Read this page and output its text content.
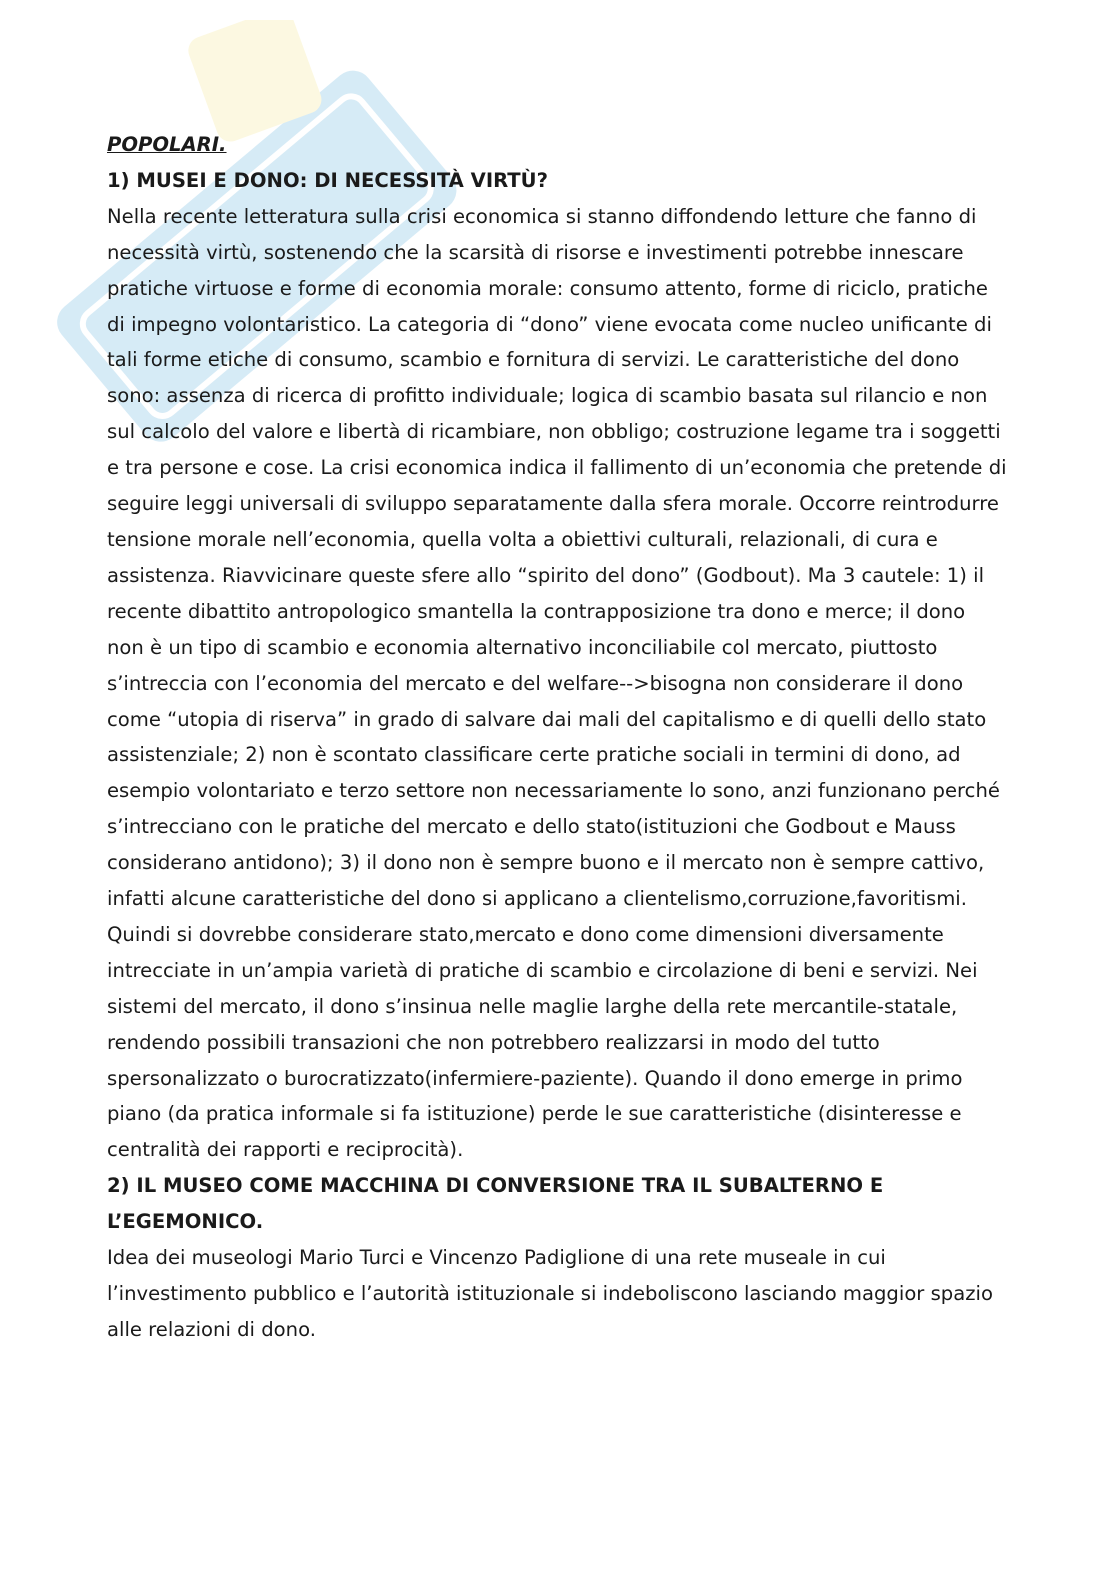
POPOLARI.

1) MUSEI E DONO: DI NECESSITÀ VIRTÙ?

Nella recente letteratura sulla crisi economica si stanno diffondendo letture che fanno di necessità virtù, sostenendo che la scarsità di risorse e investimenti potrebbe innescare pratiche virtuose e forme di economia morale: consumo attento, forme di riciclo, pratiche di impegno volontaristico. La categoria di “dono” viene evocata come nucleo unificante di tali forme etiche di consumo, scambio e fornitura di servizi. Le caratteristiche del dono sono: assenza di ricerca di profitto individuale; logica di scambio basata sul rilancio e non sul calcolo del valore e libertà di ricambiare, non obbligo; costruzione legame tra i soggetti e tra persone e cose. La crisi economica indica il fallimento di un’economia che pretende di seguire leggi universali di sviluppo separatamente dalla sfera morale. Occorre reintrodurre tensione morale nell’economia, quella volta a obiettivi culturali, relazionali, di cura e assistenza. Riavvicinare queste sfere allo “spirito del dono” (Godbout). Ma 3 cautele: 1) il recente dibattito antropologico smantella la contrapposizione tra dono e merce; il dono non è un tipo di scambio e economia alternativo inconciliabile col mercato, piuttosto s’intreccia con l’economia del mercato e del welfare-->bisogna non considerare il dono come “utopia di riserva” in grado di salvare dai mali del capitalismo e di quelli dello stato assistenziale; 2) non è scontato classificare certe pratiche sociali in termini di dono, ad esempio volontariato e terzo settore non necessariamente lo sono, anzi funzionano perché s’intrecciano con le pratiche del mercato e dello stato(istituzioni che Godbout e Mauss considerano antidono); 3) il dono non è sempre buono e il mercato non è sempre cattivo, infatti alcune caratteristiche del dono si applicano a clientelismo,corruzione,favoritismi.

Quindi si dovrebbe considerare stato,mercato e dono come dimensioni diversamente intrecciate in un’ampia varietà di pratiche di scambio e circolazione di beni e servizi. Nei sistemi del mercato, il dono s’insinua nelle maglie larghe della rete mercantile-statale, rendendo possibili transazioni che non potrebbero realizzarsi in modo del tutto spersonalizzato o burocratizzato(infermiere-paziente). Quando il dono emerge in primo piano (da pratica informale si fa istituzione) perde le sue caratteristiche (disinteresse e centralità dei rapporti e reciprocità).

2) IL MUSEO COME MACCHINA DI CONVERSIONE TRA IL SUBALTERNO E L’EGEMONICO.

Idea dei museologi Mario Turci e Vincenzo Padiglione di una rete museale in cui l’investimento pubblico e l’autorità istituzionale si indeboliscono lasciando maggior spazio alle relazioni di dono.
